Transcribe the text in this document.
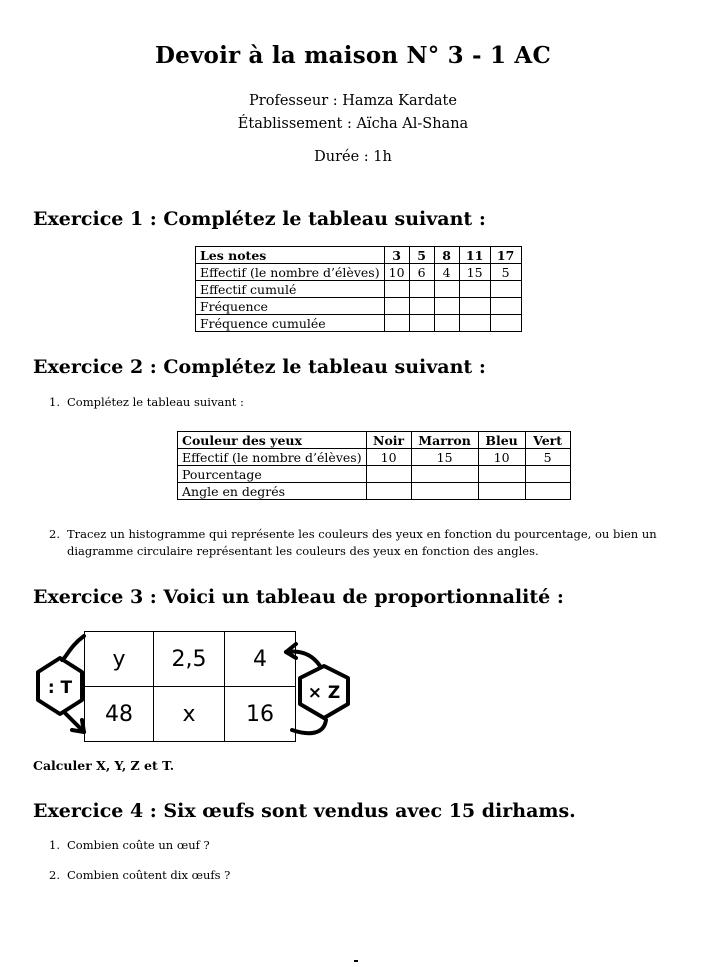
Devoir à la maison N° 3 - 1 AC
Professeur : Hamza Kardate
Établissement : Aïcha Al-Shana
Durée : 1h
Exercice 1 : Complétez le tableau suivant :
Les notes	3	5	8	11	17
Effectif (le nombre d’élèves)	10	6	4	15	5
Effectif cumulé					
Fréquence					
Fréquence cumulée					
Exercice 2 : Complétez le tableau suivant :
1. Complétez le tableau suivant :
Couleur des yeux	Noir	Marron	Bleu	Vert
Effectif (le nombre d’élèves)	10	15	10	5
Pourcentage				
Angle en degrés				
2. Tracez un histogramme qui représente les couleurs des yeux en fonction du pourcentage, ou bien un
diagramme circulaire représentant les couleurs des yeux en fonction des angles.
Exercice 3 : Voici un tableau de proportionnalité :
y	2,5	4
48	x	16
: T	× Z
Calculer X, Y, Z et T.
Exercice 4 : Six œufs sont vendus avec 15 dirhams.
1. Combien coûte un œuf ?
2. Combien coûtent dix œufs ?
